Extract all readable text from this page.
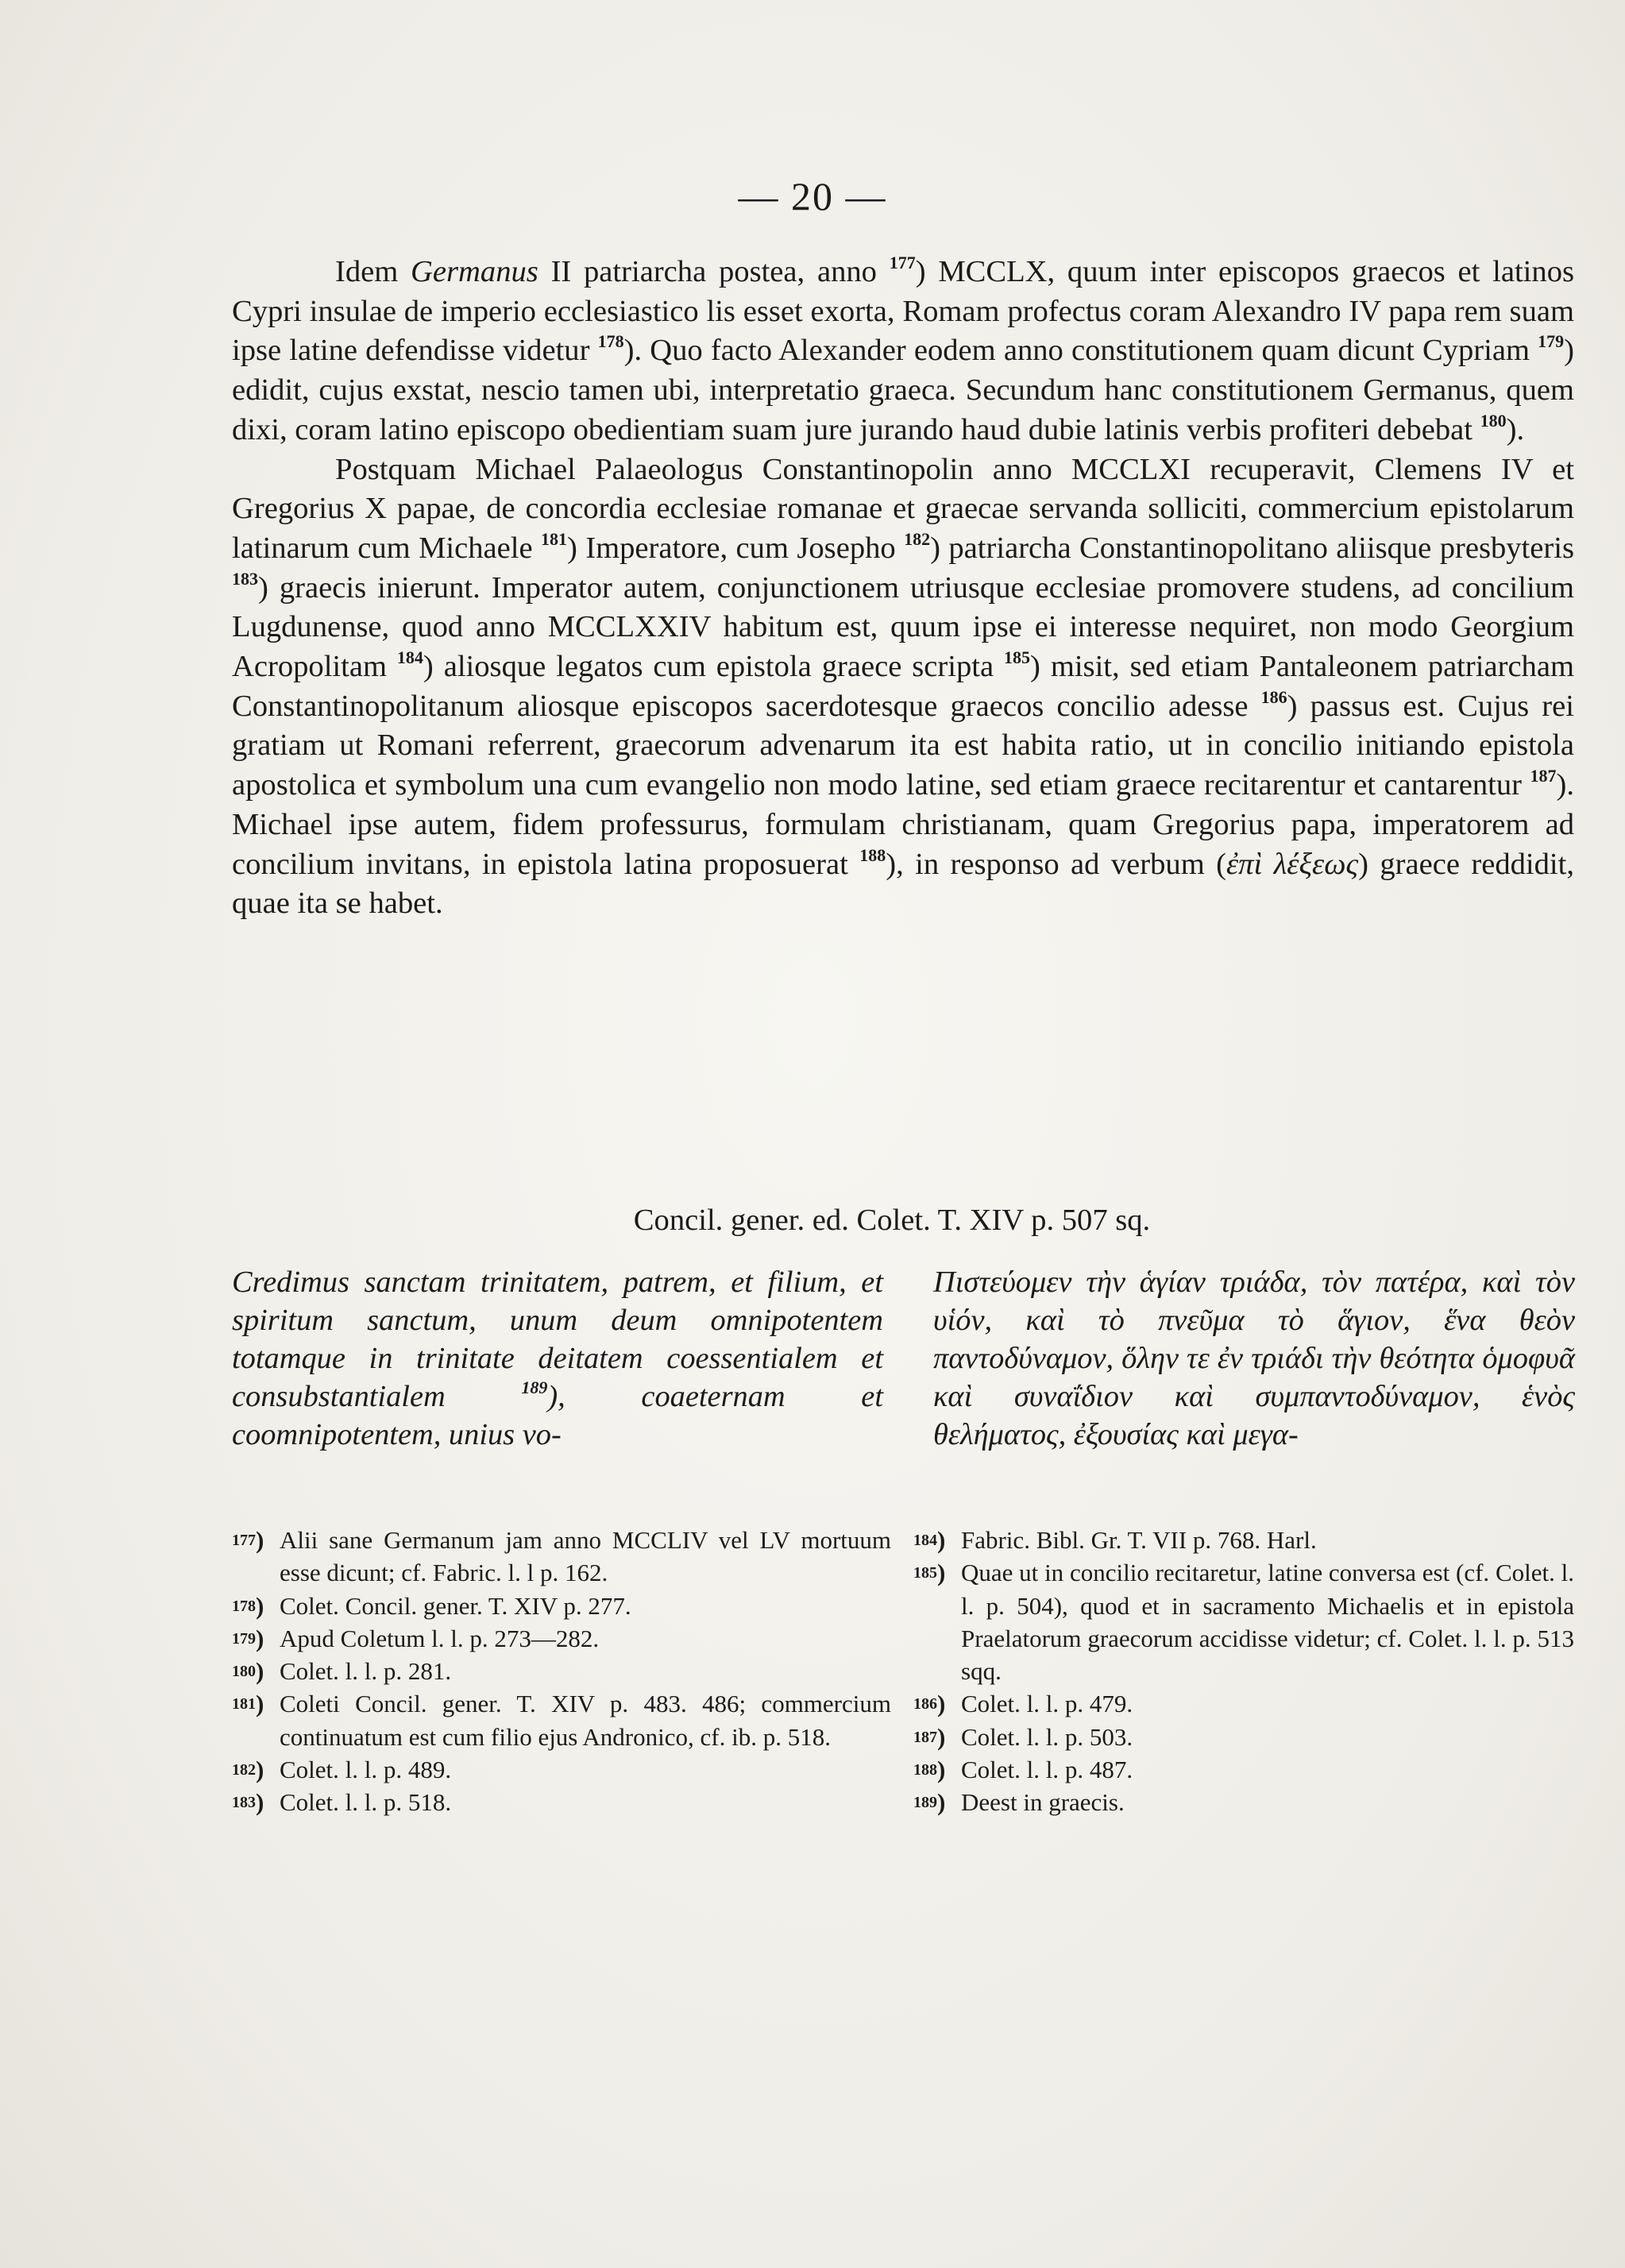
— 20 —

Idem Germanus II patriarcha postea, anno $^{177}$) MCCLX, quum inter episcopos graecos et latinos Cypri insulae de imperio ecclesiastico lis esset exorta, Romam profectus coram Alexandro IV papa rem suam ipse latine defendisse videtur $^{178}$). Quo facto Alexander eodem anno constitutionem quam dicunt Cypriam $^{179}$) edidit, cujus exstat, nescio tamen ubi, interpretatio graeca. Secundum hanc constitutionem Germanus, quem dixi, coram latino episcopo obedientiam suam jure jurando haud dubie latinis verbis profiteri debebat $^{180}$).

Postquam Michael Palaeologus Constantinopolin anno MCCLXI recuperavit, Clemens IV et Gregorius X papae, de concordia ecclesiae romanae et graecae servanda solliciti, commercium epistolarum latinarum cum Michaele $^{181}$) Imperatore, cum Josepho $^{182}$) patriarcha Constantinopolitano aliisque presbyteris $^{183}$) graecis inierunt. Imperator autem, conjunctionem utriusque ecclesiae promovere studens, ad concilium Lugdunense, quod anno MCCLXXIV habitum est, quum ipse ei interesse nequiret, non modo Georgium Acropolitam $^{184}$) aliosque legatos cum epistola graece scripta $^{185}$) misit, sed etiam Pantaleonem patriarcham Constantinopolitanum aliosque episcopos sacerdotesque graecos concilio adesse $^{186}$) passus est. Cujus rei gratiam ut Romani referrent, graecorum advenarum ita est habita ratio, ut in concilio initiando epistola apostolica et symbolum una cum evangelio non modo latine, sed etiam graece recitarentur et cantarentur $^{187}$). Michael ipse autem, fidem professurus, formulam christianam, quam Gregorius papa, imperatorem ad concilium invitans, in epistola latina proposuerat $^{188}$), in responso ad verbum (ἐπὶ λέξεως) graece reddidit, quae ita se habet.

Concil. gener. ed. Colet. T. XIV p. 507 sq.
Credimus sanctam trinitatem, patrem, et filium, et spiritum sanctum, unum deum omnipotentem totamque in trinitate deitatem coessentialem et consubstantialem $^{189}$), coaeternam et coomnipotentem, unius vo-
Πιστεύομεν τὴν ἁγίαν τριάδα, τὸν πατέρα, καὶ τὸν υἱόν, καὶ τὸ πνεῦμα τὸ ἅγιον, ἕνα θεὸν παντοδύναμον, ὅλην τε ἐν τριάδι τὴν θεότητα ὁμοφυᾶ καὶ συναΐδιον καὶ συμπαντοδύναμον, ἑνὸς θελήματος, ἐξουσίας καὶ μεγα-
177 ) Alii sane Germanum jam anno MCCLIV vel LV mortuum esse dicunt; cf. Fabric. l. l p. 162.
178 ) Colet. Concil. gener. T. XIV p. 277.
179 ) Apud Coletum l. l. p. 273—282.
180 ) Colet. l. l. p. 281.
181 ) Coleti Concil. gener. T. XIV p. 483. 486; commercium continuatum est cum filio ejus Andronico, cf. ib. p. 518.
182 ) Colet. l. l. p. 489.
183 ) Colet. l. l. p. 518.
184 ) Fabric. Bibl. Gr. T. VII p. 768. Harl.
185 ) Quae ut in concilio recitaretur, latine conversa est (cf. Colet. l. l. p. 504), quod et in sacramento Michaelis et in epistola Praelatorum graecorum accidisse videtur; cf. Colet. l. l. p. 513 sqq.
186 ) Colet. l. l. p. 479.
187 ) Colet. l. l. p. 503.
188 ) Colet. l. l. p. 487.
189 ) Deest in graecis.
